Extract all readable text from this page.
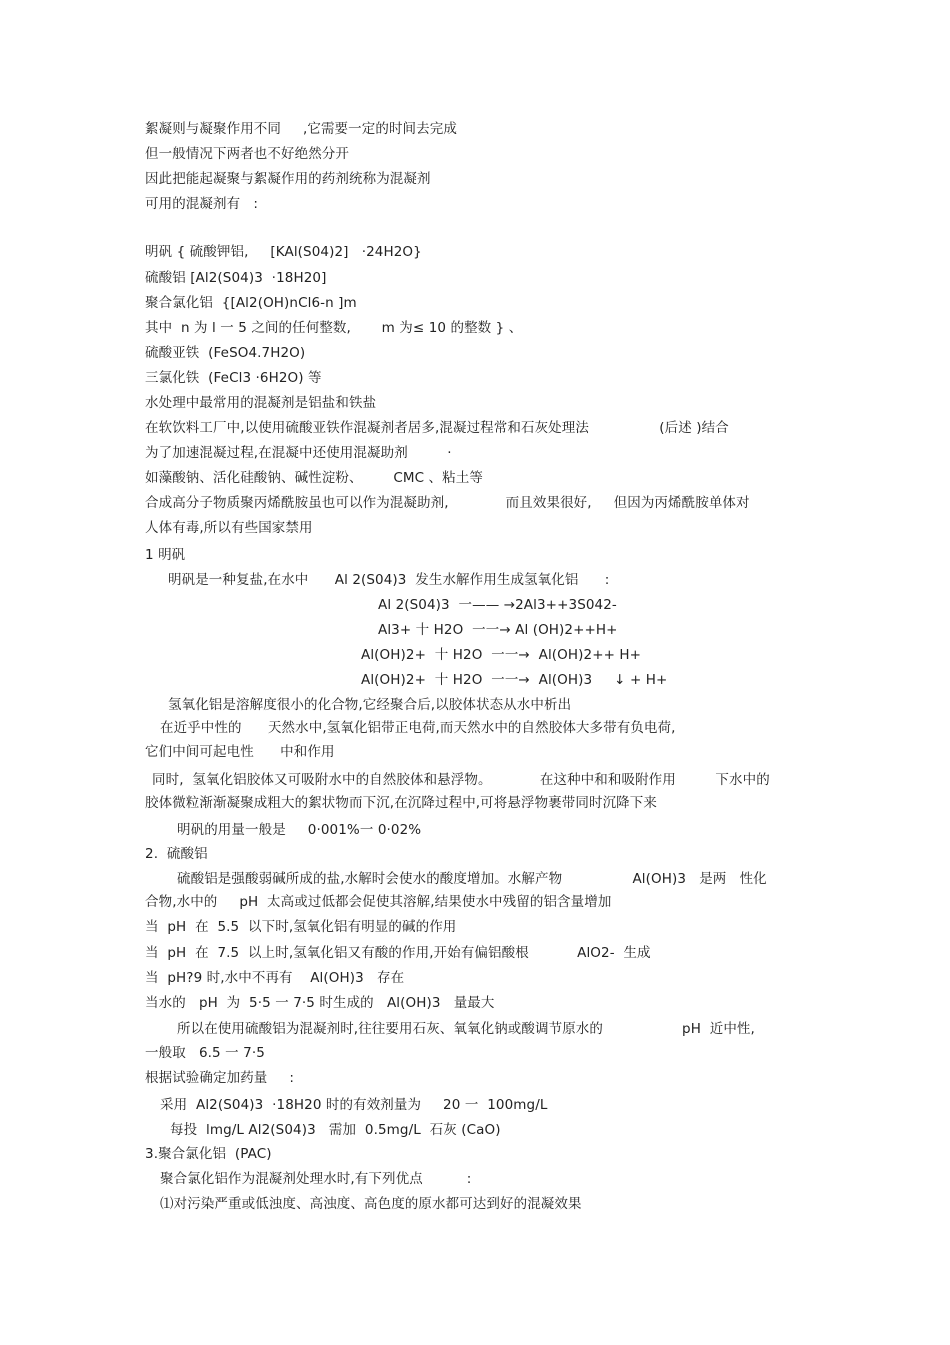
絮凝则与凝聚作用不同     ,它需要一定的时间去完成
但一般情况下两者也不好绝然分开
因此把能起凝聚与絮凝作用的药剂统称为混凝剂
可用的混凝剂有   :
明矾 { 硫酸钾铝,     [KAl(S04)2]   ·24H2O}
硫酸铝 [Al2(S04)3  ·18H20]
聚合氯化铝  {[Al2(OH)nCl6-n ]m
其中  n 为 l 一 5 之间的任何整数,       m 为≤ 10 的整数 } 、
硫酸亚铁  (FeSO4.7H2O)
三氯化铁  (FeCl3 ·6H2O) 等
水处理中最常用的混凝剂是铝盐和铁盐
在软饮料工厂中,以使用硫酸亚铁作混凝剂者居多,混凝过程常和石灰处理法                (后述 )结合
为了加速混凝过程,在混凝中还使用混凝助剂         ·
如藻酸钠、活化硅酸钠、碱性淀粉、       CMC 、粘土等
合成高分子物质聚丙烯酰胺虽也可以作为混凝助剂,             而且效果很好,     但因为丙烯酰胺单体对
人体有毒,所以有些国家禁用
1 明矾
明矾是一种复盐,在水中      Al 2(S04)3  发生水解作用生成氢氧化铝      :
Al 2(S04)3  一—— →2Al3++3S042-
Al3+ 十 H2O  一一→ Al (OH)2++H+
Al(OH)2+  十 H2O  一一→  Al(OH)2++ H+
Al(OH)2+  十 H2O  一一→  Al(OH)3     ↓ + H+
氢氧化铝是溶解度很小的化合物,它经聚合后,以胶体状态从水中析出
在近乎中性的      天然水中,氢氧化铝带正电荷,而天然水中的自然胶体大多带有负电荷,
它们中间可起电性      中和作用
同时,  氢氧化铝胶体又可吸附水中的自然胶体和悬浮物。           在这种中和和吸附作用         下水中的
胶体微粒渐渐凝聚成粗大的絮状物而下沉,在沉降过程中,可将悬浮物裹带同时沉降下来
明矾的用量一般是     0·001%一 0·02%
2.  硫酸铝
硫酸铝是强酸弱碱所成的盐,水解时会使水的酸度增加。水解产物                Al(OH)3   是两   性化
合物,水中的     pH  太高或过低都会促使其溶解,结果使水中残留的铝含量增加
当  pH  在  5.5  以下时,氢氧化铝有明显的碱的作用
当  pH  在  7.5  以上时,氢氧化铝又有酸的作用,开始有偏铝酸根           AlO2-  生成
当  pH?9 时,水中不再有    Al(OH)3   存在
当水的   pH  为  5·5 一 7·5 时生成的   Al(OH)3   量最大
所以在使用硫酸铝为混凝剂时,往往要用石灰、氧氧化钠或酸调节原水的                  pH  近中性,
一般取   6.5 一 7·5
根据试验确定加药量     :
采用  Al2(S04)3  ·18H20 时的有效剂量为     20 一  100mg/L
每投  lmg/L Al2(S04)3   需加  0.5mg/L  石灰 (CaO)
3.聚合氯化铝  (PAC)
聚合氯化铝作为混凝剂处理水时,有下列优点          :
⑴对污染严重或低浊度、高浊度、高色度的原水都可达到好的混凝效果
